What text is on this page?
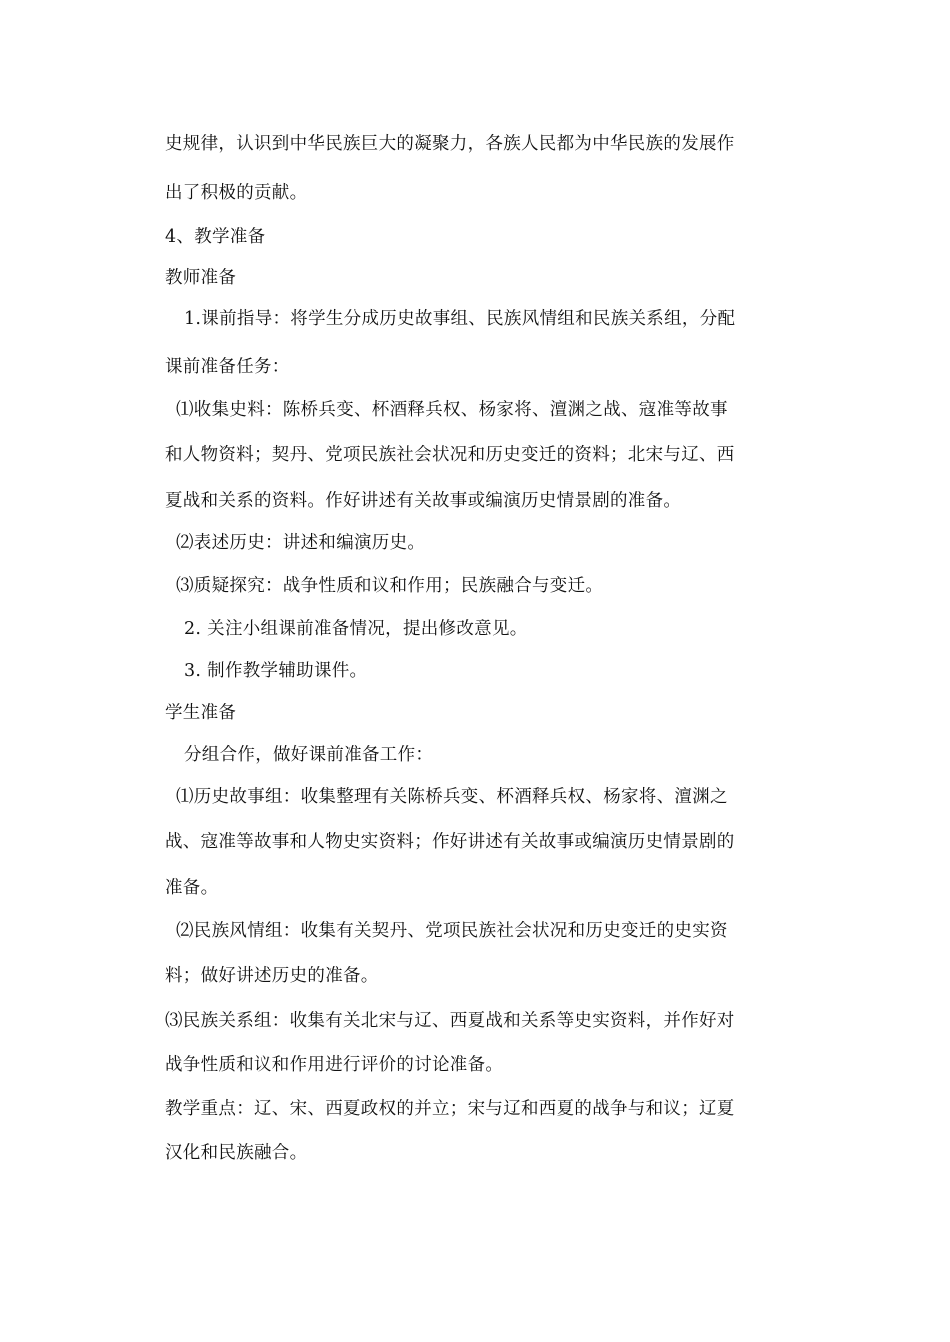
史规律，认识到中华民族巨大的凝聚力，各族人民都为中华民族的发展作
出了积极的贡献。
4、教学准备
教师准备
1.课前指导：将学生分成历史故事组、民族风情组和民族关系组，分配
课前准备任务：
⑴收集史料：陈桥兵变、杯酒释兵权、杨家将、澶渊之战、寇准等故事
和人物资料；契丹、党项民族社会状况和历史变迁的资料；北宋与辽、西
夏战和关系的资料。作好讲述有关故事或编演历史情景剧的准备。
⑵表述历史：讲述和编演历史。
⑶质疑探究：战争性质和议和作用；民族融合与变迁。
2. 关注小组课前准备情况，提出修改意见。
3. 制作教学辅助课件。
学生准备
分组合作，做好课前准备工作：
⑴历史故事组：收集整理有关陈桥兵变、杯酒释兵权、杨家将、澶渊之
战、寇准等故事和人物史实资料；作好讲述有关故事或编演历史情景剧的
准备。
⑵民族风情组：收集有关契丹、党项民族社会状况和历史变迁的史实资
料；做好讲述历史的准备。
⑶民族关系组：收集有关北宋与辽、西夏战和关系等史实资料，并作好对
战争性质和议和作用进行评价的讨论准备。
教学重点：辽、宋、西夏政权的并立；宋与辽和西夏的战争与和议；辽夏
汉化和民族融合。
